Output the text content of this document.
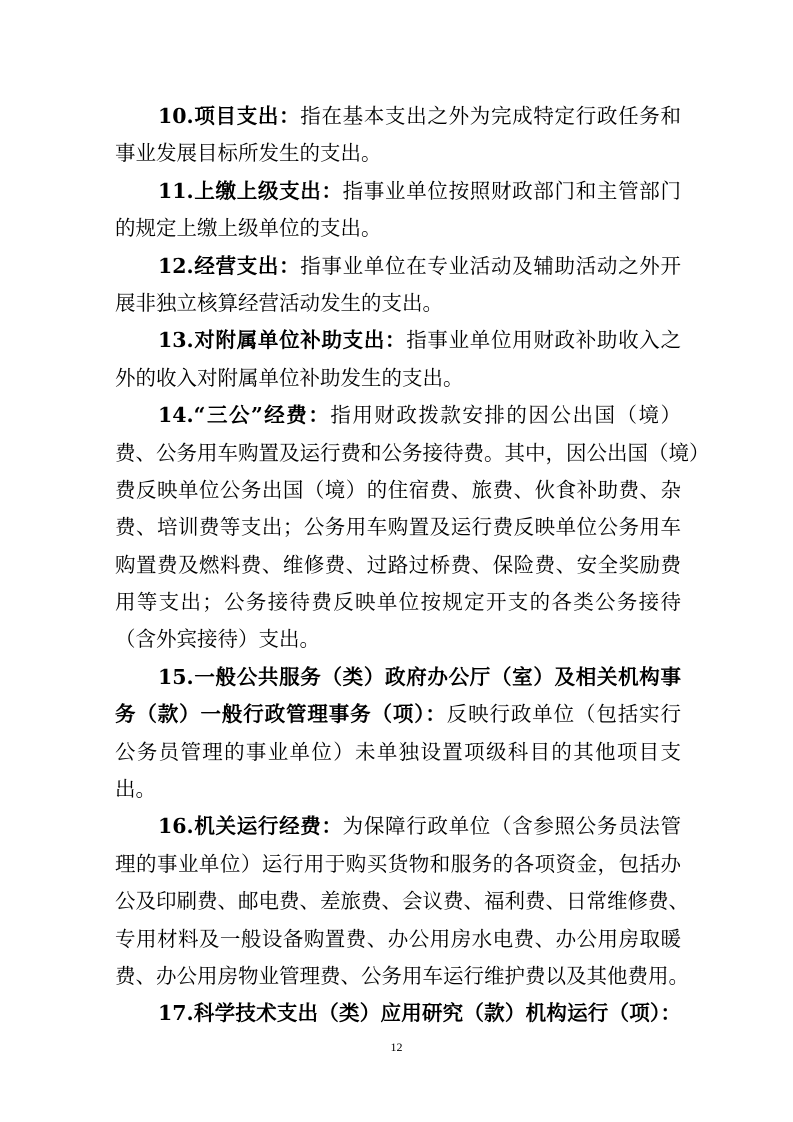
10.项目支出：指在基本支出之外为完成特定行政任务和
事业发展目标所发生的支出。
11.上缴上级支出：指事业单位按照财政部门和主管部门
的规定上缴上级单位的支出。
12.经营支出：指事业单位在专业活动及辅助活动之外开
展非独立核算经营活动发生的支出。
13.对附属单位补助支出：指事业单位用财政补助收入之
外的收入对附属单位补助发生的支出。
14.“三公”经费：指用财政拨款安排的因公出国（境）
费、公务用车购置及运行费和公务接待费。其中，因公出国（境）
费反映单位公务出国（境）的住宿费、旅费、伙食补助费、杂
费、培训费等支出；公务用车购置及运行费反映单位公务用车
购置费及燃料费、维修费、过路过桥费、保险费、安全奖励费
用等支出；公务接待费反映单位按规定开支的各类公务接待
（含外宾接待）支出。
15.一般公共服务（类）政府办公厅（室）及相关机构事
务（款）一般行政管理事务（项）：反映行政单位（包括实行
公务员管理的事业单位）未单独设置项级科目的其他项目支
出。
16.机关运行经费：为保障行政单位（含参照公务员法管
理的事业单位）运行用于购买货物和服务的各项资金，包括办
公及印刷费、邮电费、差旅费、会议费、福利费、日常维修费、
专用材料及一般设备购置费、办公用房水电费、办公用房取暖
费、办公用房物业管理费、公务用车运行维护费以及其他费用。
17.科学技术支出（类）应用研究（款）机构运行（项）：
12
